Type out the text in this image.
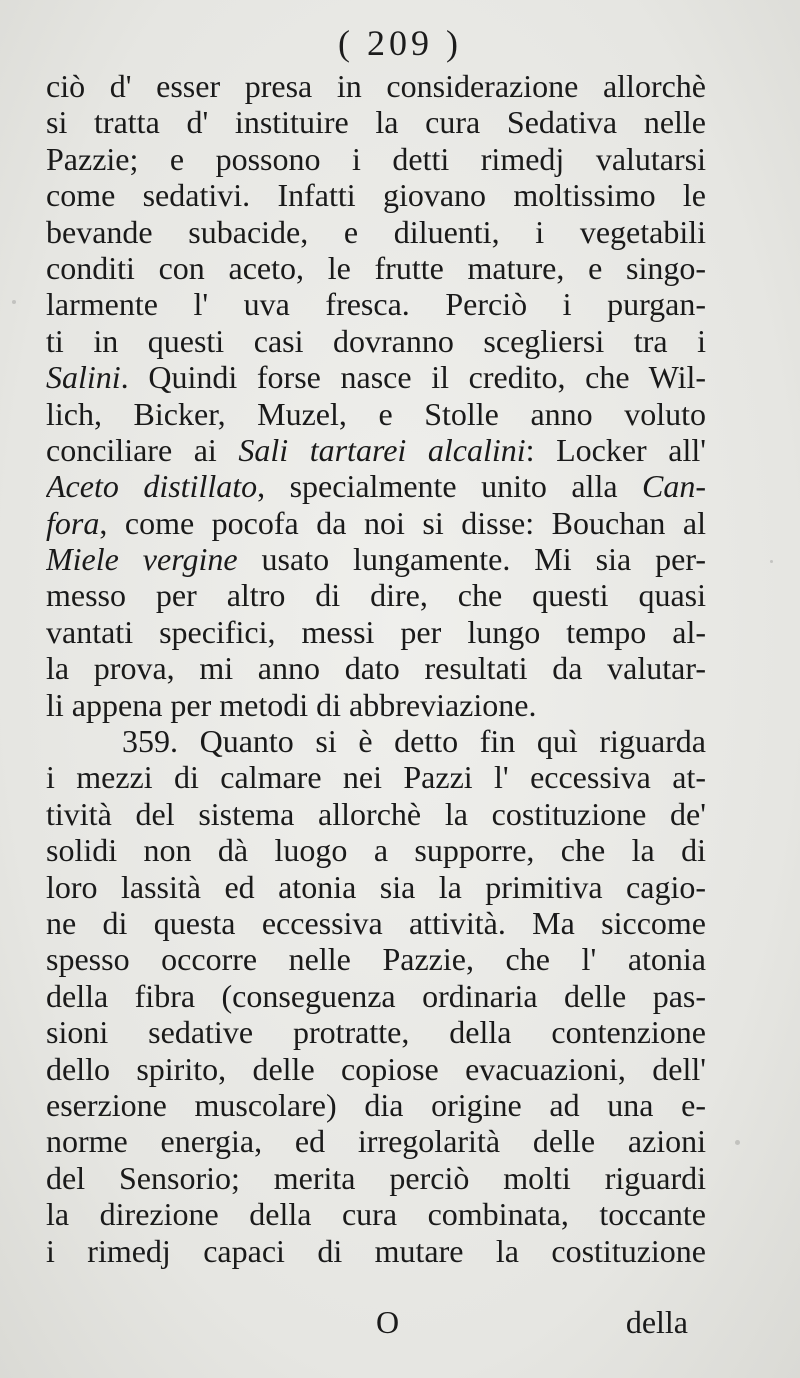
( 209 )
ciò d' esser presa in considerazione allorchè
si tratta d' instituire la cura Sedativa nelle
Pazzie; e possono i detti rimedj valutarsi
come sedativi. Infatti giovano moltissimo le
bevande subacide, e diluenti, i vegetabili
conditi con aceto, le frutte mature, e singo-
larmente l' uva fresca. Perciò i purgan-
ti in questi casi dovranno scegliersi tra i
Salini. Quindi forse nasce il credito, che Wil-
lich, Bicker, Muzel, e Stolle anno voluto
conciliare ai Sali tartarei alcalini: Locker all'
Aceto distillato, specialmente unito alla Can-
fora, come pocofa da noi si disse: Bouchan al
Miele vergine usato lungamente. Mi sia per-
messo per altro di dire, che questi quasi
vantati specifici, messi per lungo tempo al-
la prova, mi anno dato resultati da valutar-
li appena per metodi di abbreviazione.
359. Quanto si è detto fin quì riguarda
i mezzi di calmare nei Pazzi l' eccessiva at-
tività del sistema allorchè la costituzione de'
solidi non dà luogo a supporre, che la di
loro lassità ed atonia sia la primitiva cagio-
ne di questa eccessiva attività. Ma siccome
spesso occorre nelle Pazzie, che l' atonia
della fibra (conseguenza ordinaria delle pas-
sioni sedative protratte, della contenzione
dello spirito, delle copiose evacuazioni, dell'
eserzione muscolare) dia origine ad una e-
norme energia, ed irregolarità delle azioni
del Sensorio; merita perciò molti riguardi
la direzione della cura combinata, toccante
i rimedj capaci di mutare la costituzione
O	della
